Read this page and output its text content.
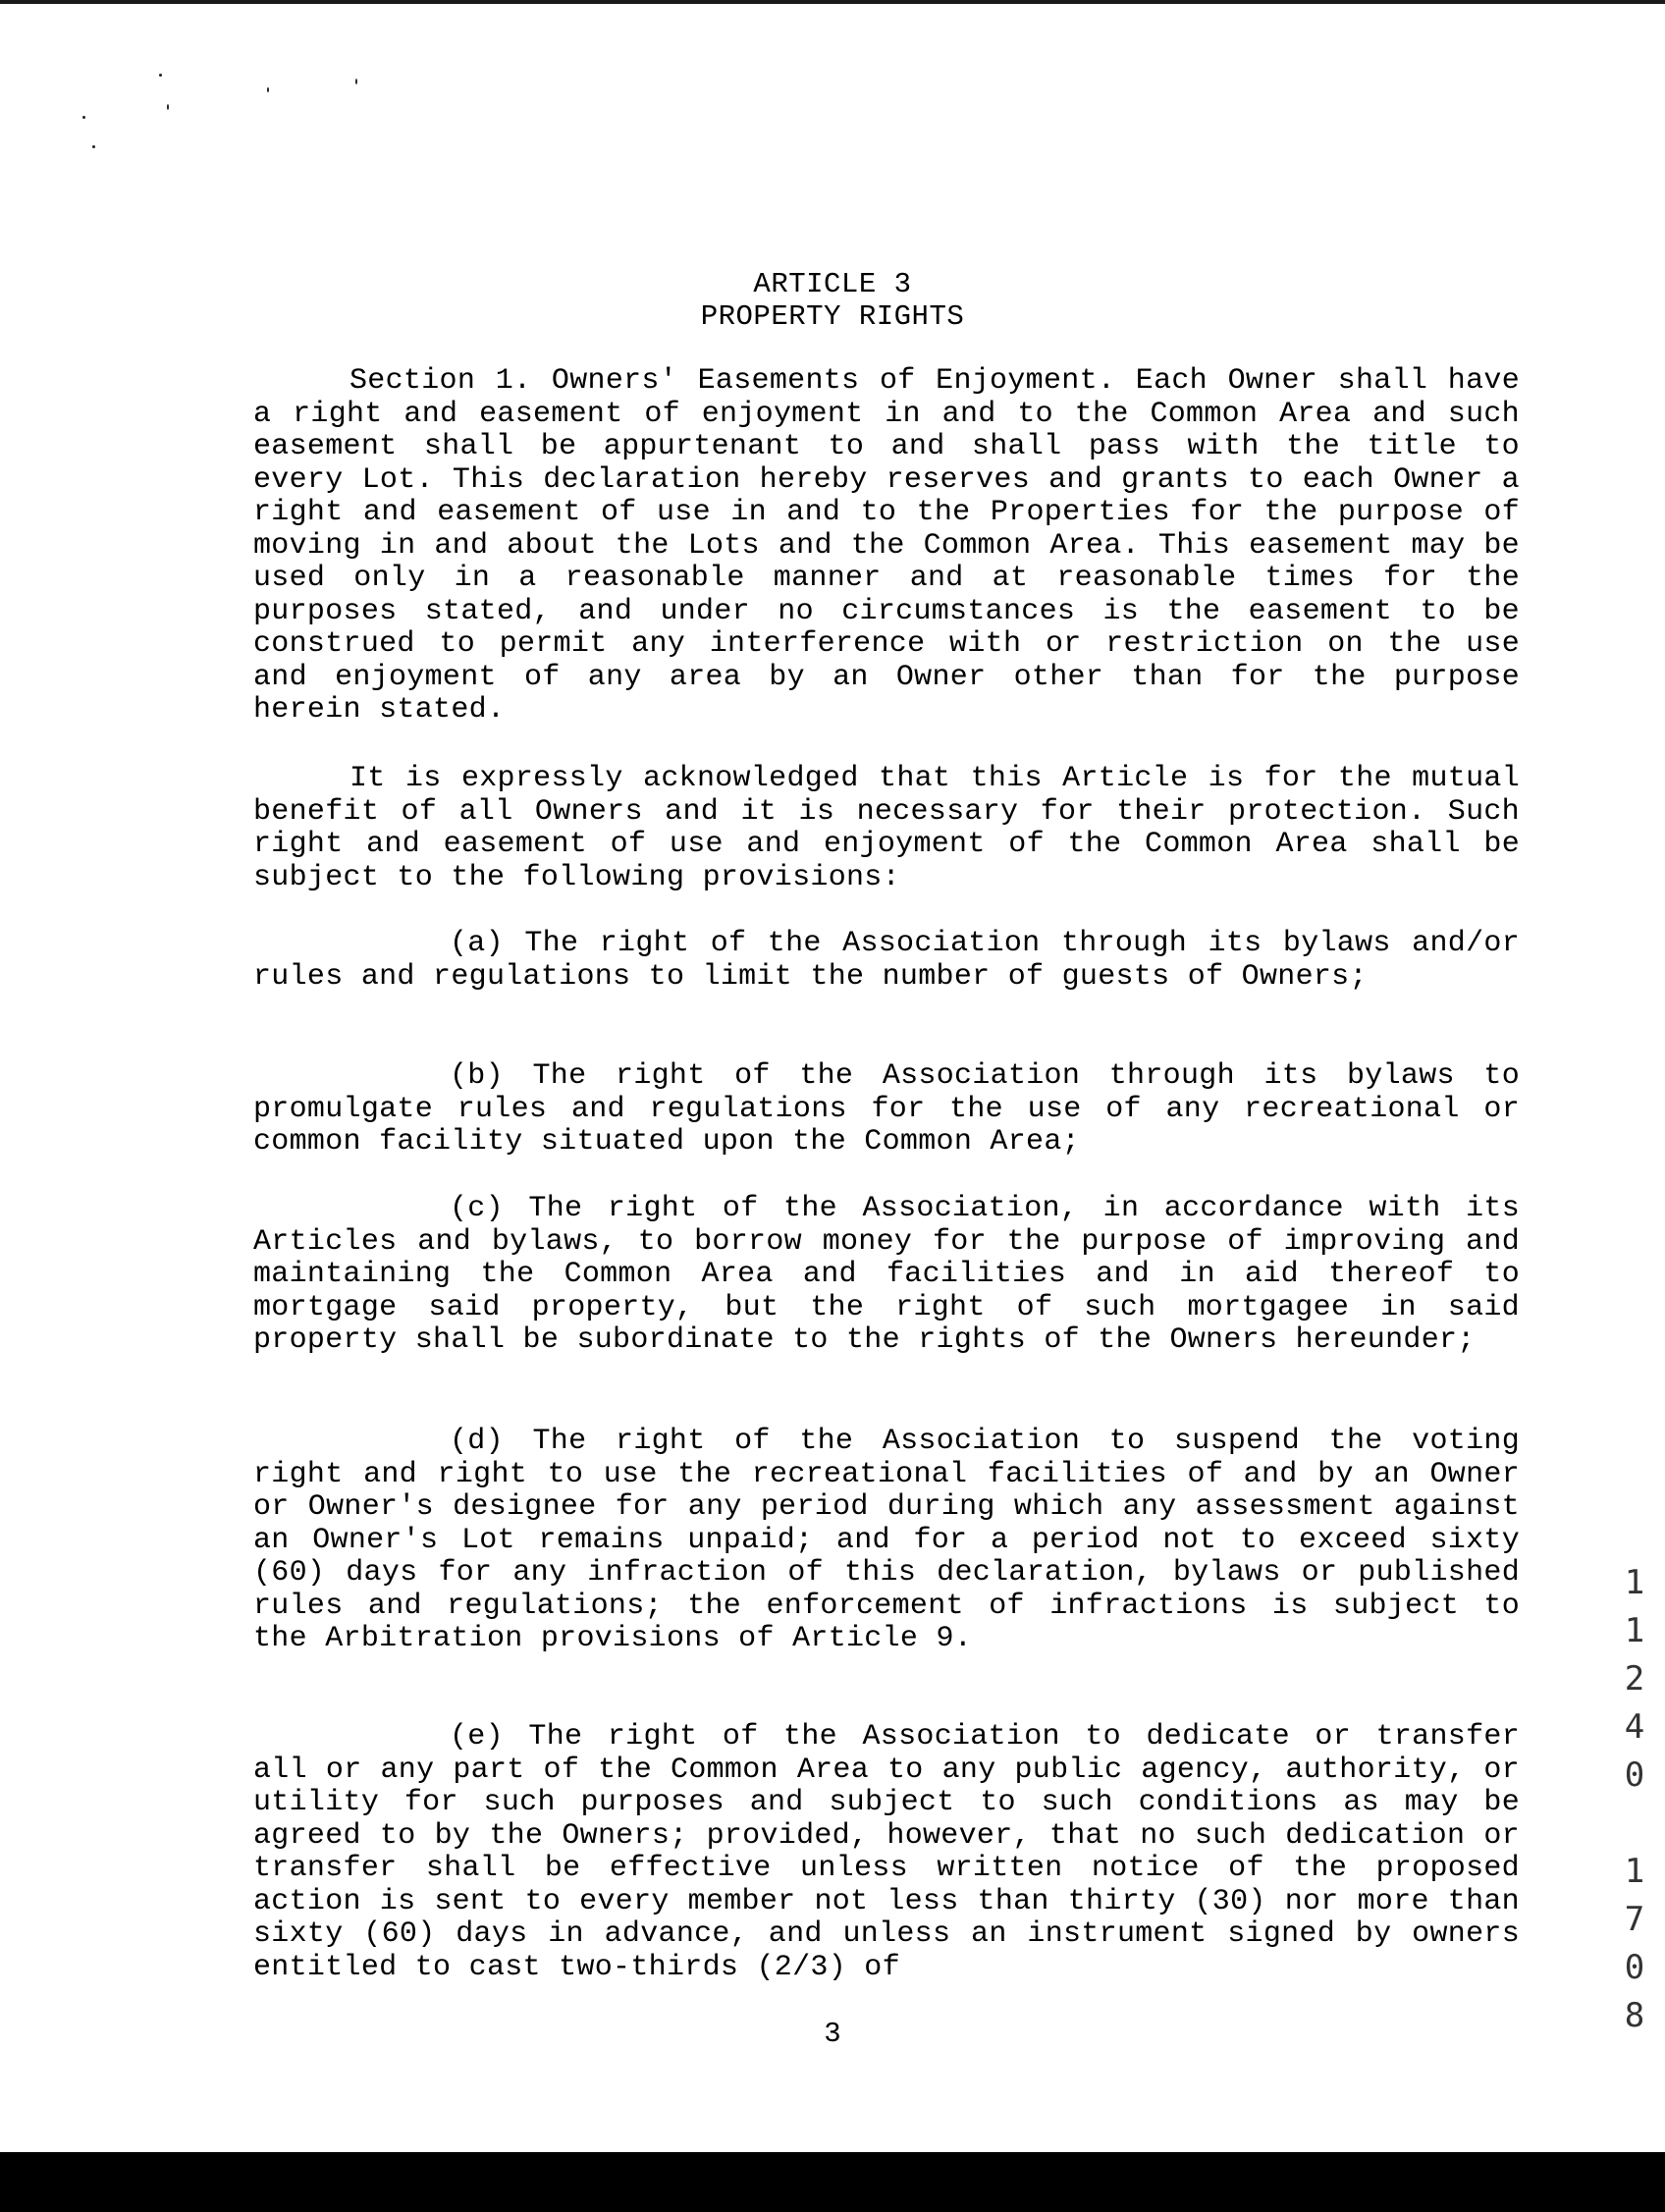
ARTICLE 3
PROPERTY RIGHTS
Section 1. Owners' Easements of Enjoyment. Each Owner shall have a right and easement of enjoyment in and to the Common Area and such easement shall be appurtenant to and shall pass with the title to every Lot. This declaration hereby reserves and grants to each Owner a right and easement of use in and to the Properties for the purpose of moving in and about the Lots and the Common Area. This easement may be used only in a reasonable manner and at reasonable times for the purposes stated, and under no circumstances is the easement to be construed to permit any interference with or restriction on the use and enjoyment of any area by an Owner other than for the purpose herein stated.
It is expressly acknowledged that this Article is for the mutual benefit of all Owners and it is necessary for their protection. Such right and easement of use and enjoyment of the Common Area shall be subject to the following provisions:
(a) The right of the Association through its bylaws and/or rules and regulations to limit the number of guests of Owners;
(b) The right of the Association through its bylaws to promulgate rules and regulations for the use of any recreational or common facility situated upon the Common Area;
(c) The right of the Association, in accordance with its Articles and bylaws, to borrow money for the purpose of improving and maintaining the Common Area and facilities and in aid thereof to mortgage said property, but the right of such mortgagee in said property shall be subordinate to the rights of the Owners hereunder;
(d) The right of the Association to suspend the voting right and right to use the recreational facilities of and by an Owner or Owner's designee for any period during which any assessment against an Owner's Lot remains unpaid; and for a period not to exceed sixty (60) days for any infraction of this declaration, bylaws or published rules and regulations; the enforcement of infractions is subject to the Arbitration provisions of Article 9.
(e) The right of the Association to dedicate or transfer all or any part of the Common Area to any public agency, authority, or utility for such purposes and subject to such conditions as may be agreed to by the Owners; provided, however, that no such dedication or transfer shall be effective unless written notice of the proposed action is sent to every member not less than thirty (30) nor more than sixty (60) days in advance, and unless an instrument signed by owners entitled to cast two-thirds (2/3) of
3
1
1
2
4
0
1
7
0
8
